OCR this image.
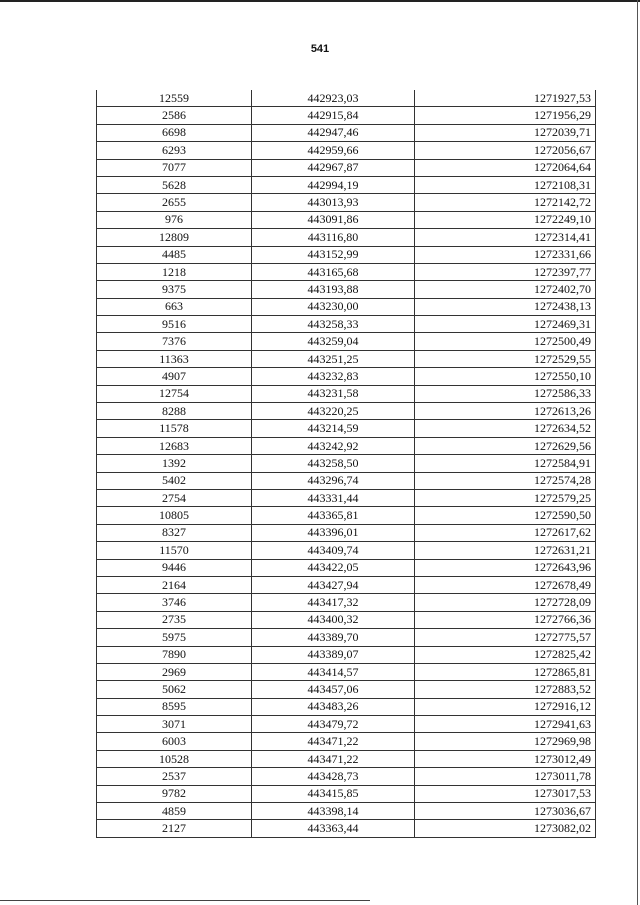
541
12559	442923,03	1271927,53
2586	442915,84	1271956,29
6698	442947,46	1272039,71
6293	442959,66	1272056,67
7077	442967,87	1272064,64
5628	442994,19	1272108,31
2655	443013,93	1272142,72
976	443091,86	1272249,10
12809	443116,80	1272314,41
4485	443152,99	1272331,66
1218	443165,68	1272397,77
9375	443193,88	1272402,70
663	443230,00	1272438,13
9516	443258,33	1272469,31
7376	443259,04	1272500,49
11363	443251,25	1272529,55
4907	443232,83	1272550,10
12754	443231,58	1272586,33
8288	443220,25	1272613,26
11578	443214,59	1272634,52
12683	443242,92	1272629,56
1392	443258,50	1272584,91
5402	443296,74	1272574,28
2754	443331,44	1272579,25
10805	443365,81	1272590,50
8327	443396,01	1272617,62
11570	443409,74	1272631,21
9446	443422,05	1272643,96
2164	443427,94	1272678,49
3746	443417,32	1272728,09
2735	443400,32	1272766,36
5975	443389,70	1272775,57
7890	443389,07	1272825,42
2969	443414,57	1272865,81
5062	443457,06	1272883,52
8595	443483,26	1272916,12
3071	443479,72	1272941,63
6003	443471,22	1272969,98
10528	443471,22	1273012,49
2537	443428,73	1273011,78
9782	443415,85	1273017,53
4859	443398,14	1273036,67
2127	443363,44	1273082,02
